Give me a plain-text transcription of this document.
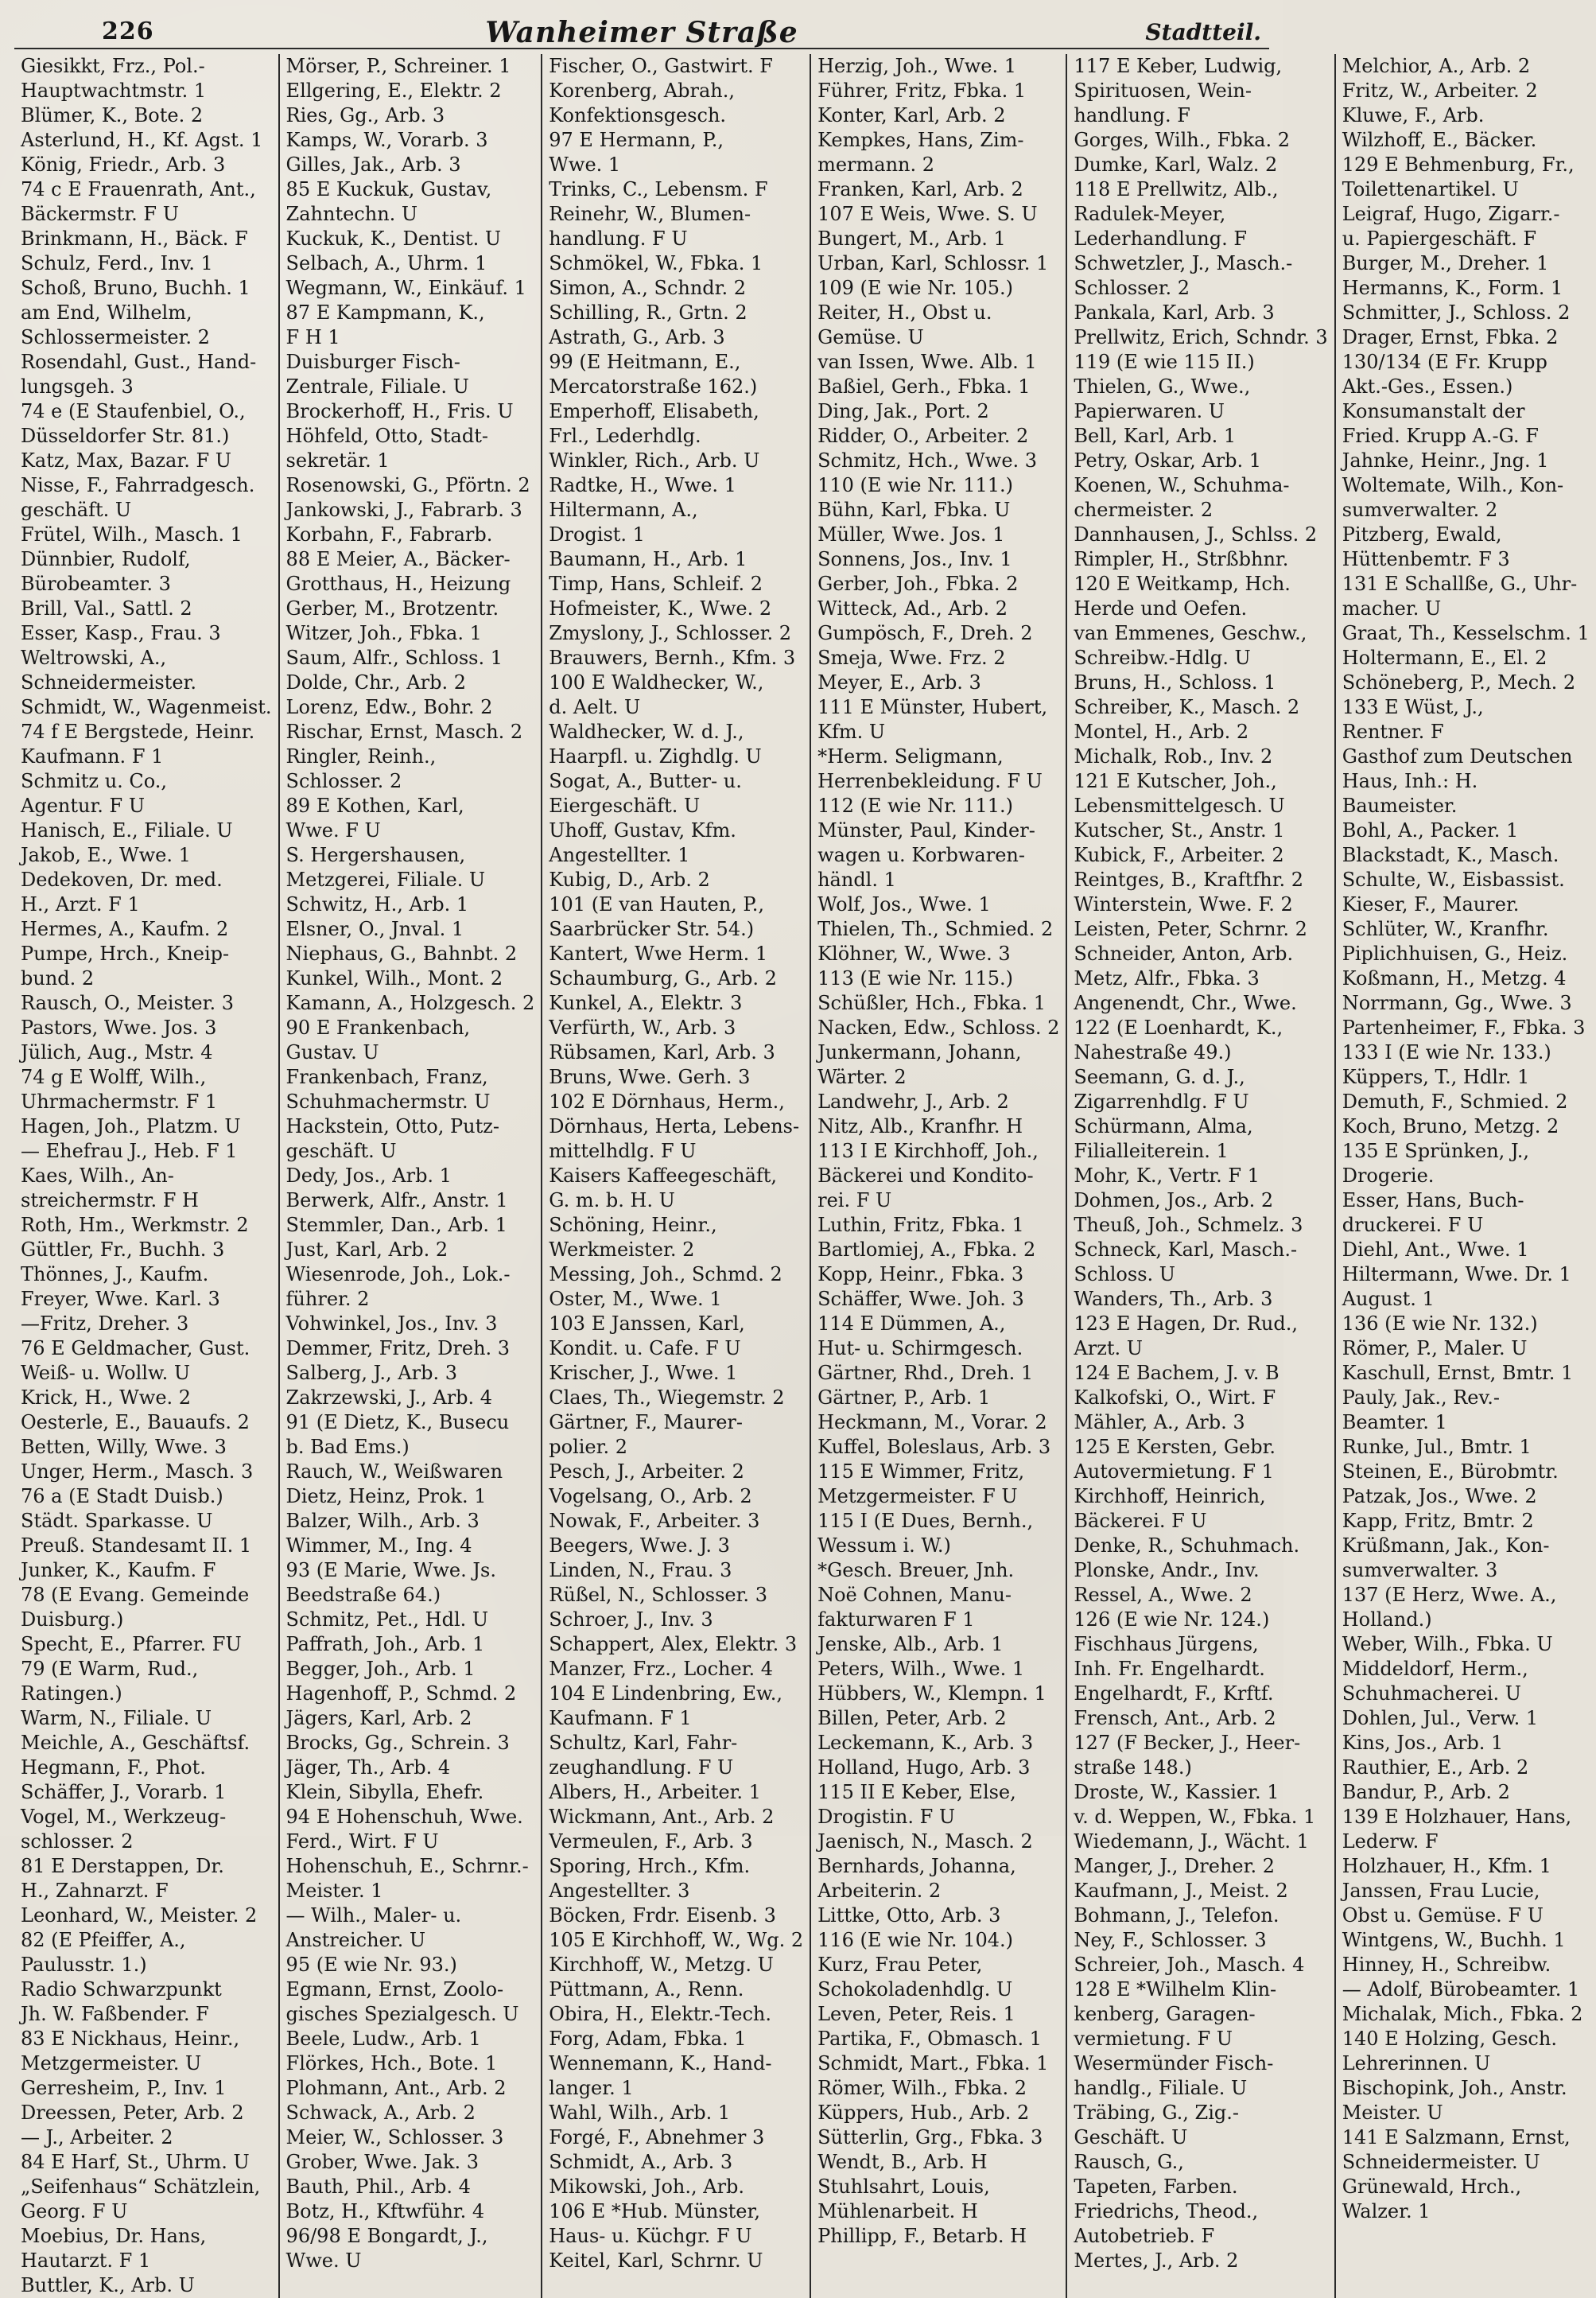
226	Wanheimer Straße	Stadtteil.
Giesikkt, Frz., Pol.-
Hauptwachtmstr. 1
Blümer, K., Bote. 2
Asterlund, H., Kf. Agst. 1
König, Friedr., Arb. 3
74 c E Frauenrath, Ant.,
Bäckermstr. F U
Brinkmann, H., Bäck. F
Schulz, Ferd., Inv. 1
Schoß, Bruno, Buchh. 1
am End, Wilhelm,
Schlossermeister. 2
Rosendahl, Gust., Hand-
lungsgeh. 3
74 e (E Staufenbiel, O.,
Düsseldorfer Str. 81.)
Katz, Max, Bazar. F U
Nisse, F., Fahrradgesch.
geschäft. U
Frütel, Wilh., Masch. 1
Dünnbier, Rudolf,
Bürobeamter. 3
Brill, Val., Sattl. 2
Esser, Kasp., Frau. 3
Weltrowski, A.,
Schneidermeister.
Schmidt, W., Wagenmeist.
74 f E Bergstede, Heinr.
Kaufmann. F 1
Schmitz u. Co.,
Agentur. F U
Hanisch, E., Filiale. U
Jakob, E., Wwe. 1
Dedekoven, Dr. med.
H., Arzt. F 1
Hermes, A., Kaufm. 2
Pumpe, Hrch., Kneip-
bund. 2
Rausch, O., Meister. 3
Pastors, Wwe. Jos. 3
Jülich, Aug., Mstr. 4
74 g E Wolff, Wilh.,
Uhrmachermstr. F 1
Hagen, Joh., Platzm. U
— Ehefrau J., Heb. F 1
Kaes, Wilh., An-
streichermstr. F H
Roth, Hm., Werkmstr. 2
Güttler, Fr., Buchh. 3
Thönnes, J., Kaufm.
Freyer, Wwe. Karl. 3
—Fritz, Dreher. 3
76 E Geldmacher, Gust.
Weiß- u. Wollw. U
Krick, H., Wwe. 2
Oesterle, E., Bauaufs. 2
Betten, Willy, Wwe. 3
Unger, Herm., Masch. 3
76 a (E Stadt Duisb.)
Städt. Sparkasse. U
Preuß. Standesamt II. 1
Junker, K., Kaufm. F
78 (E Evang. Gemeinde
Duisburg.)
Specht, E., Pfarrer. FU
79 (E Warm, Rud.,
Ratingen.)
Warm, N., Filiale. U
Meichle, A., Geschäftsf.
Hegmann, F., Phot.
Schäffer, J., Vorarb. 1
Vogel, M., Werkzeug-
schlosser. 2
81 E Derstappen, Dr.
H., Zahnarzt. F
Leonhard, W., Meister. 2
82 (E Pfeiffer, A.,
Paulusstr. 1.)
Radio Schwarzpunkt
Jh. W. Faßbender. F
83 E Nickhaus, Heinr.,
Metzgermeister. U
Gerresheim, P., Inv. 1
Dreessen, Peter, Arb. 2
— J., Arbeiter. 2
84 E Harf, St., Uhrm. U
„Seifenhaus“ Schätzlein,
Georg. F U
Moebius, Dr. Hans,
Hautarzt. F 1
Buttler, K., Arb. U
Mörser, P., Schreiner. 1
Ellgering, E., Elektr. 2
Ries, Gg., Arb. 3
Kamps, W., Vorarb. 3
Gilles, Jak., Arb. 3
85 E Kuckuk, Gustav,
Zahntechn. U
Kuckuk, K., Dentist. U
Selbach, A., Uhrm. 1
Wegmann, W., Einkäuf. 1
87 E Kampmann, K.,
F H 1
Duisburger Fisch-
Zentrale, Filiale. U
Brockerhoff, H., Fris. U
Höhfeld, Otto, Stadt-
sekretär. 1
Rosenowski, G., Pförtn. 2
Jankowski, J., Fabrarb. 3
Korbahn, F., Fabrarb.
88 E Meier, A., Bäcker-
Grotthaus, H., Heizung
Gerber, M., Brotzentr.
Witzer, Joh., Fbka. 1
Saum, Alfr., Schloss. 1
Dolde, Chr., Arb. 2
Lorenz, Edw., Bohr. 2
Rischar, Ernst, Masch. 2
Ringler, Reinh.,
Schlosser. 2
89 E Kothen, Karl,
Wwe. F U
S. Hergershausen,
Metzgerei, Filiale. U
Schwitz, H., Arb. 1
Elsner, O., Jnval. 1
Niephaus, G., Bahnbt. 2
Kunkel, Wilh., Mont. 2
Kamann, A., Holzgesch. 2
90 E Frankenbach,
Gustav. U
Frankenbach, Franz,
Schuhmachermstr. U
Hackstein, Otto, Putz-
geschäft. U
Dedy, Jos., Arb. 1
Berwerk, Alfr., Anstr. 1
Stemmler, Dan., Arb. 1
Just, Karl, Arb. 2
Wiesenrode, Joh., Lok.-
führer. 2
Vohwinkel, Jos., Inv. 3
Demmer, Fritz, Dreh. 3
Salberg, J., Arb. 3
Zakrzewski, J., Arb. 4
91 (E Dietz, K., Busecu
b. Bad Ems.)
Rauch, W., Weißwaren
Dietz, Heinz, Prok. 1
Balzer, Wilh., Arb. 3
Wimmer, M., Ing. 4
93 (E Marie, Wwe. Js.
Beedstraße 64.)
Schmitz, Pet., Hdl. U
Paffrath, Joh., Arb. 1
Begger, Joh., Arb. 1
Hagenhoff, P., Schmd. 2
Jägers, Karl, Arb. 2
Brocks, Gg., Schrein. 3
Jäger, Th., Arb. 4
Klein, Sibylla, Ehefr.
94 E Hohenschuh, Wwe.
Ferd., Wirt. F U
Hohenschuh, E., Schrnr.-
Meister. 1
— Wilh., Maler- u.
Anstreicher. U
95 (E wie Nr. 93.)
Egmann, Ernst, Zoolo-
gisches Spezialgesch. U
Beele, Ludw., Arb. 1
Flörkes, Hch., Bote. 1
Plohmann, Ant., Arb. 2
Schwack, A., Arb. 2
Meier, W., Schlosser. 3
Grober, Wwe. Jak. 3
Bauth, Phil., Arb. 4
Botz, H., Kftwführ. 4
96/98 E Bongardt, J.,
Wwe. U
Fischer, O., Gastwirt. F
Korenberg, Abrah.,
Konfektionsgesch.
97 E Hermann, P.,
Wwe. 1
Trinks, C., Lebensm. F
Reinehr, W., Blumen-
handlung. F U
Schmökel, W., Fbka. 1
Simon, A., Schndr. 2
Schilling, R., Grtn. 2
Astrath, G., Arb. 3
99 (E Heitmann, E.,
Mercatorstraße 162.)
Emperhoff, Elisabeth,
Frl., Lederhdlg.
Winkler, Rich., Arb. U
Radtke, H., Wwe. 1
Hiltermann, A.,
Drogist. 1
Baumann, H., Arb. 1
Timp, Hans, Schleif. 2
Hofmeister, K., Wwe. 2
Zmyslony, J., Schlosser. 2
Brauwers, Bernh., Kfm. 3
100 E Waldhecker, W.,
d. Aelt. U
Waldhecker, W. d. J.,
Haarpfl. u. Zighdlg. U
Sogat, A., Butter- u.
Eiergeschäft. U
Uhoff, Gustav, Kfm.
Angestellter. 1
Kubig, D., Arb. 2
101 (E van Hauten, P.,
Saarbrücker Str. 54.)
Kantert, Wwe Herm. 1
Schaumburg, G., Arb. 2
Kunkel, A., Elektr. 3
Verfürth, W., Arb. 3
Rübsamen, Karl, Arb. 3
Bruns, Wwe. Gerh. 3
102 E Dörnhaus, Herm.,
Dörnhaus, Herta, Lebens-
mittelhdlg. F U
Kaisers Kaffeegeschäft,
G. m. b. H. U
Schöning, Heinr.,
Werkmeister. 2
Messing, Joh., Schmd. 2
Oster, M., Wwe. 1
103 E Janssen, Karl,
Kondit. u. Cafe. F U
Krischer, J., Wwe. 1
Claes, Th., Wiegemstr. 2
Gärtner, F., Maurer-
polier. 2
Pesch, J., Arbeiter. 2
Vogelsang, O., Arb. 2
Nowak, F., Arbeiter. 3
Beegers, Wwe. J. 3
Linden, N., Frau. 3
Rüßel, N., Schlosser. 3
Schroer, J., Inv. 3
Schappert, Alex, Elektr. 3
Manzer, Frz., Locher. 4
104 E Lindenbring, Ew.,
Kaufmann. F 1
Schultz, Karl, Fahr-
zeughandlung. F U
Albers, H., Arbeiter. 1
Wickmann, Ant., Arb. 2
Vermeulen, F., Arb. 3
Sporing, Hrch., Kfm.
Angestellter. 3
Böcken, Frdr. Eisenb. 3
105 E Kirchhoff, W., Wg. 2
Kirchhoff, W., Metzg. U
Püttmann, A., Renn.
Obira, H., Elektr.-Tech.
Forg, Adam, Fbka. 1
Wennemann, K., Hand-
langer. 1
Wahl, Wilh., Arb. 1
Forgé, F., Abnehmer 3
Schmidt, A., Arb. 3
Mikowski, Joh., Arb.
106 E *Hub. Münster,
Haus- u. Küchgr. F U
Keitel, Karl, Schrnr. U
Herzig, Joh., Wwe. 1
Führer, Fritz, Fbka. 1
Konter, Karl, Arb. 2
Kempkes, Hans, Zim-
mermann. 2
Franken, Karl, Arb. 2
107 E Weis, Wwe. S. U
Bungert, M., Arb. 1
Urban, Karl, Schlossr. 1
109 (E wie Nr. 105.)
Reiter, H., Obst u.
Gemüse. U
van Issen, Wwe. Alb. 1
Baßiel, Gerh., Fbka. 1
Ding, Jak., Port. 2
Ridder, O., Arbeiter. 2
Schmitz, Hch., Wwe. 3
110 (E wie Nr. 111.)
Bühn, Karl, Fbka. U
Müller, Wwe. Jos. 1
Sonnens, Jos., Inv. 1
Gerber, Joh., Fbka. 2
Witteck, Ad., Arb. 2
Gumpösch, F., Dreh. 2
Smeja, Wwe. Frz. 2
Meyer, E., Arb. 3
111 E Münster, Hubert,
Kfm. U
*Herm. Seligmann,
Herrenbekleidung. F U
112 (E wie Nr. 111.)
Münster, Paul, Kinder-
wagen u. Korbwaren-
händl. 1
Wolf, Jos., Wwe. 1
Thielen, Th., Schmied. 2
Klöhner, W., Wwe. 3
113 (E wie Nr. 115.)
Schüßler, Hch., Fbka. 1
Nacken, Edw., Schloss. 2
Junkermann, Johann,
Wärter. 2
Landwehr, J., Arb. 2
Nitz, Alb., Kranfhr. H
113 I E Kirchhoff, Joh.,
Bäckerei und Kondito-
rei. F U
Luthin, Fritz, Fbka. 1
Bartlomiej, A., Fbka. 2
Kopp, Heinr., Fbka. 3
Schäffer, Wwe. Joh. 3
114 E Dümmen, A.,
Hut- u. Schirmgesch.
Gärtner, Rhd., Dreh. 1
Gärtner, P., Arb. 1
Heckmann, M., Vorar. 2
Kuffel, Boleslaus, Arb. 3
115 E Wimmer, Fritz,
Metzgermeister. F U
115 I (E Dues, Bernh.,
Wessum i. W.)
*Gesch. Breuer, Jnh.
Noë Cohnen, Manu-
fakturwaren F 1
Jenske, Alb., Arb. 1
Peters, Wilh., Wwe. 1
Hübbers, W., Klempn. 1
Billen, Peter, Arb. 2
Leckemann, K., Arb. 3
Holland, Hugo, Arb. 3
115 II E Keber, Else,
Drogistin. F U
Jaenisch, N., Masch. 2
Bernhards, Johanna,
Arbeiterin. 2
Littke, Otto, Arb. 3
116 (E wie Nr. 104.)
Kurz, Frau Peter,
Schokoladenhdlg. U
Leven, Peter, Reis. 1
Partika, F., Obmasch. 1
Schmidt, Mart., Fbka. 1
Römer, Wilh., Fbka. 2
Küppers, Hub., Arb. 2
Sütterlin, Grg., Fbka. 3
Wendt, B., Arb. H
Stuhlsahrt, Louis,
Mühlenarbeit. H
Phillipp, F., Betarb. H
117 E Keber, Ludwig,
Spirituosen, Wein-
handlung. F
Gorges, Wilh., Fbka. 2
Dumke, Karl, Walz. 2
118 E Prellwitz, Alb.,
Radulek-Meyer,
Lederhandlung. F
Schwetzler, J., Masch.-
Schlosser. 2
Pankala, Karl, Arb. 3
Prellwitz, Erich, Schndr. 3
119 (E wie 115 II.)
Thielen, G., Wwe.,
Papierwaren. U
Bell, Karl, Arb. 1
Petry, Oskar, Arb. 1
Koenen, W., Schuhma-
chermeister. 2
Dannhausen, J., Schlss. 2
Rimpler, H., Strßbhnr.
120 E Weitkamp, Hch.
Herde und Oefen.
van Emmenes, Geschw.,
Schreibw.-Hdlg. U
Bruns, H., Schloss. 1
Schreiber, K., Masch. 2
Montel, H., Arb. 2
Michalk, Rob., Inv. 2
121 E Kutscher, Joh.,
Lebensmittelgesch. U
Kutscher, St., Anstr. 1
Kubick, F., Arbeiter. 2
Reintges, B., Kraftfhr. 2
Winterstein, Wwe. F. 2
Leisten, Peter, Schrnr. 2
Schneider, Anton, Arb.
Metz, Alfr., Fbka. 3
Angenendt, Chr., Wwe.
122 (E Loenhardt, K.,
Nahestraße 49.)
Seemann, G. d. J.,
Zigarrenhdlg. F U
Schürmann, Alma,
Filialleiterein. 1
Mohr, K., Vertr. F 1
Dohmen, Jos., Arb. 2
Theuß, Joh., Schmelz. 3
Schneck, Karl, Masch.-
Schloss. U
Wanders, Th., Arb. 3
123 E Hagen, Dr. Rud.,
Arzt. U
124 E Bachem, J. v. B
Kalkofski, O., Wirt. F
Mähler, A., Arb. 3
125 E Kersten, Gebr.
Autovermietung. F 1
Kirchhoff, Heinrich,
Bäckerei. F U
Denke, R., Schuhmach.
Plonske, Andr., Inv.
Ressel, A., Wwe. 2
126 (E wie Nr. 124.)
Fischhaus Jürgens,
Inh. Fr. Engelhardt.
Engelhardt, F., Krftf.
Frensch, Ant., Arb. 2
127 (F Becker, J., Heer-
straße 148.)
Droste, W., Kassier. 1
v. d. Weppen, W., Fbka. 1
Wiedemann, J., Wächt. 1
Manger, J., Dreher. 2
Kaufmann, J., Meist. 2
Bohmann, J., Telefon.
Ney, F., Schlosser. 3
Schreier, Joh., Masch. 4
128 E *Wilhelm Klin-
kenberg, Garagen-
vermietung. F U
Wesermünder Fisch-
handlg., Filiale. U
Träbing, G., Zig.-
Geschäft. U
Rausch, G.,
Tapeten, Farben.
Friedrichs, Theod.,
Autobetrieb. F
Mertes, J., Arb. 2
Melchior, A., Arb. 2
Fritz, W., Arbeiter. 2
Kluwe, F., Arb.
Wilzhoff, E., Bäcker.
129 E Behmenburg, Fr.,
Toilettenartikel. U
Leigraf, Hugo, Zigarr.-
u. Papiergeschäft. F
Burger, M., Dreher. 1
Hermanns, K., Form. 1
Schmitter, J., Schloss. 2
Drager, Ernst, Fbka. 2
130/134 (E Fr. Krupp
Akt.-Ges., Essen.)
Konsumanstalt der
Fried. Krupp A.-G. F
Jahnke, Heinr., Jng. 1
Woltemate, Wilh., Kon-
sumverwalter. 2
Pitzberg, Ewald,
Hüttenbemtr. F 3
131 E Schallße, G., Uhr-
macher. U
Graat, Th., Kesselschm. 1
Holtermann, E., El. 2
Schöneberg, P., Mech. 2
133 E Wüst, J.,
Rentner. F
Gasthof zum Deutschen
Haus, Inh.: H.
Baumeister.
Bohl, A., Packer. 1
Blackstadt, K., Masch.
Schulte, W., Eisbassist.
Kieser, F., Maurer.
Schlüter, W., Kranfhr.
Piplichhuisen, G., Heiz.
Koßmann, H., Metzg. 4
Norrmann, Gg., Wwe. 3
Partenheimer, F., Fbka. 3
133 I (E wie Nr. 133.)
Küppers, T., Hdlr. 1
Demuth, F., Schmied. 2
Koch, Bruno, Metzg. 2
135 E Sprünken, J.,
Drogerie.
Esser, Hans, Buch-
druckerei. F U
Diehl, Ant., Wwe. 1
Hiltermann, Wwe. Dr. 1
August. 1
136 (E wie Nr. 132.)
Römer, P., Maler. U
Kaschull, Ernst, Bmtr. 1
Pauly, Jak., Rev.-
Beamter. 1
Runke, Jul., Bmtr. 1
Steinen, E., Bürobmtr.
Patzak, Jos., Wwe. 2
Kapp, Fritz, Bmtr. 2
Krüßmann, Jak., Kon-
sumverwalter. 3
137 (E Herz, Wwe. A.,
Holland.)
Weber, Wilh., Fbka. U
Middeldorf, Herm.,
Schuhmacherei. U
Dohlen, Jul., Verw. 1
Kins, Jos., Arb. 1
Rauthier, E., Arb. 2
Bandur, P., Arb. 2
139 E Holzhauer, Hans,
Lederw. F
Holzhauer, H., Kfm. 1
Janssen, Frau Lucie,
Obst u. Gemüse. F U
Wintgens, W., Buchh. 1
Hinney, H., Schreibw.
— Adolf, Bürobeamter. 1
Michalak, Mich., Fbka. 2
140 E Holzing, Gesch.
Lehrerinnen. U
Bischopink, Joh., Anstr.
Meister. U
141 E Salzmann, Ernst,
Schneidermeister. U
Grünewald, Hrch.,
Walzer. 1
